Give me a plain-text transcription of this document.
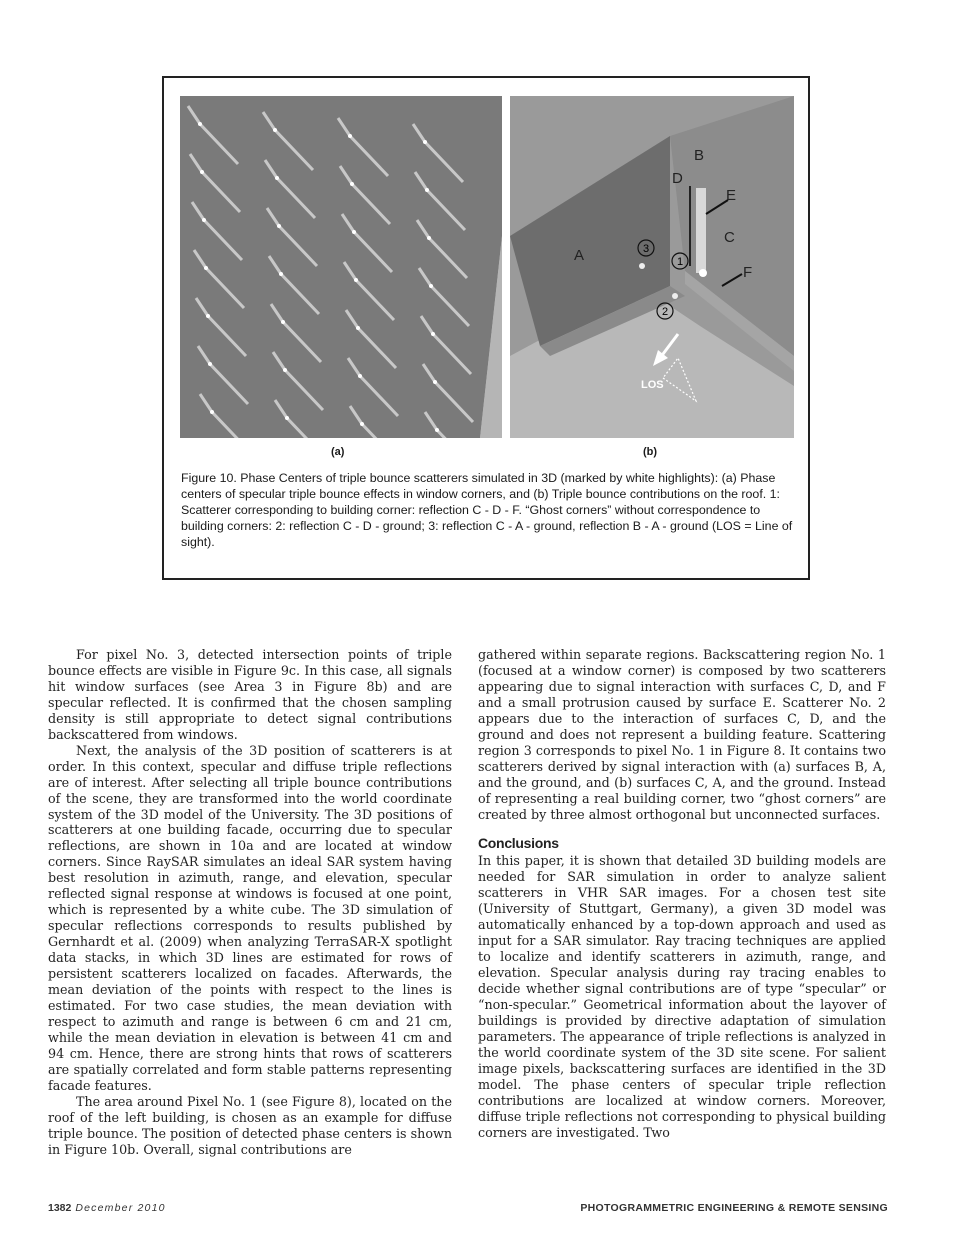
3
1
2
A
B
C
D
E
F
LOS
(a)	(b)
Figure 10. Phase Centers of triple bounce scatterers simulated in 3D (marked by white highlights): (a) Phase centers of specular triple bounce effects in window corners, and (b) Triple bounce contributions on the roof. 1: Scatterer corresponding to building corner: reflection C - D - F. “Ghost corners” without correspondence to building corners: 2: reflection C - D - ground; 3: reflection C - A - ground, reflection B - A - ground (LOS = Line of sight).

For pixel No. 3, detected intersection points of triple bounce effects are visible in Figure 9c. In this case, all signals hit window surfaces (see Area 3 in Figure 8b) and are specular reflected. It is confirmed that the chosen sampling density is still appropriate to detect signal contributions backscattered from windows.

Next, the analysis of the 3D position of scatterers is at order. In this context, specular and diffuse triple reflections are of interest. After selecting all triple bounce contributions of the scene, they are transformed into the world coordinate system of the 3D model of the University. The 3D positions of scatterers at one building facade, occurring due to specular reflections, are shown in 10a and are located at window corners. Since RaySAR simulates an ideal SAR system having best resolution in azimuth, range, and elevation, specular reflected signal response at windows is focused at one point, which is represented by a white cube. The 3D simulation of specular reflections corresponds to results published by Gernhardt et al. (2009) when analyzing TerraSAR-X spotlight data stacks, in which 3D lines are estimated for rows of persistent scatterers localized on facades. Afterwards, the mean deviation of the points with respect to the lines is estimated. For two case studies, the mean deviation with respect to azimuth and range is between 6 cm and 21 cm, while the mean deviation in elevation is between 41 cm and 94 cm. Hence, there are strong hints that rows of scatterers are spatially correlated and form stable patterns representing facade features.

The area around Pixel No. 1 (see Figure 8), located on the roof of the left building, is chosen as an example for diffuse triple bounce. The position of detected phase centers is shown in Figure 10b. Overall, signal contributions are

gathered within separate regions. Backscattering region No. 1 (focused at a window corner) is composed by two scatterers appearing due to signal interaction with surfaces C, D, and F and a small protrusion caused by surface E. Scatterer No. 2 appears due to the interaction of surfaces C, D, and the ground and does not represent a building feature. Scattering region 3 corresponds to pixel No. 1 in Figure 8. It contains two scatterers derived by signal interaction with (a) surfaces B, A, and the ground, and (b) surfaces C, A, and the ground. Instead of representing a real building corner, two “ghost corners” are created by three almost orthogonal but unconnected surfaces.

Conclusions

In this paper, it is shown that detailed 3D building models are needed for SAR simulation in order to analyze salient scatterers in VHR SAR images. For a chosen test site (University of Stuttgart, Germany), a given 3D model was automatically enhanced by a top-down approach and used as input for a SAR simulator. Ray tracing techniques are applied to localize and identify scatterers in azimuth, range, and elevation. Specular analysis during ray tracing enables to decide whether signal contributions are of type “specular” or “non-specular.” Geometrical information about the layover of buildings is provided by directive adaptation of simulation parameters. The appearance of triple reflections is analyzed in the world coordinate system of the 3D site scene. For salient image pixels, backscattering surfaces are identified in the 3D model. The phase centers of specular triple reflection contributions are localized at window corners. Moreover, diffuse triple reflections not corresponding to physical building corners are investigated. Two

1382 December 2010	PHOTOGRAMMETRIC ENGINEERING & REMOTE SENSING
